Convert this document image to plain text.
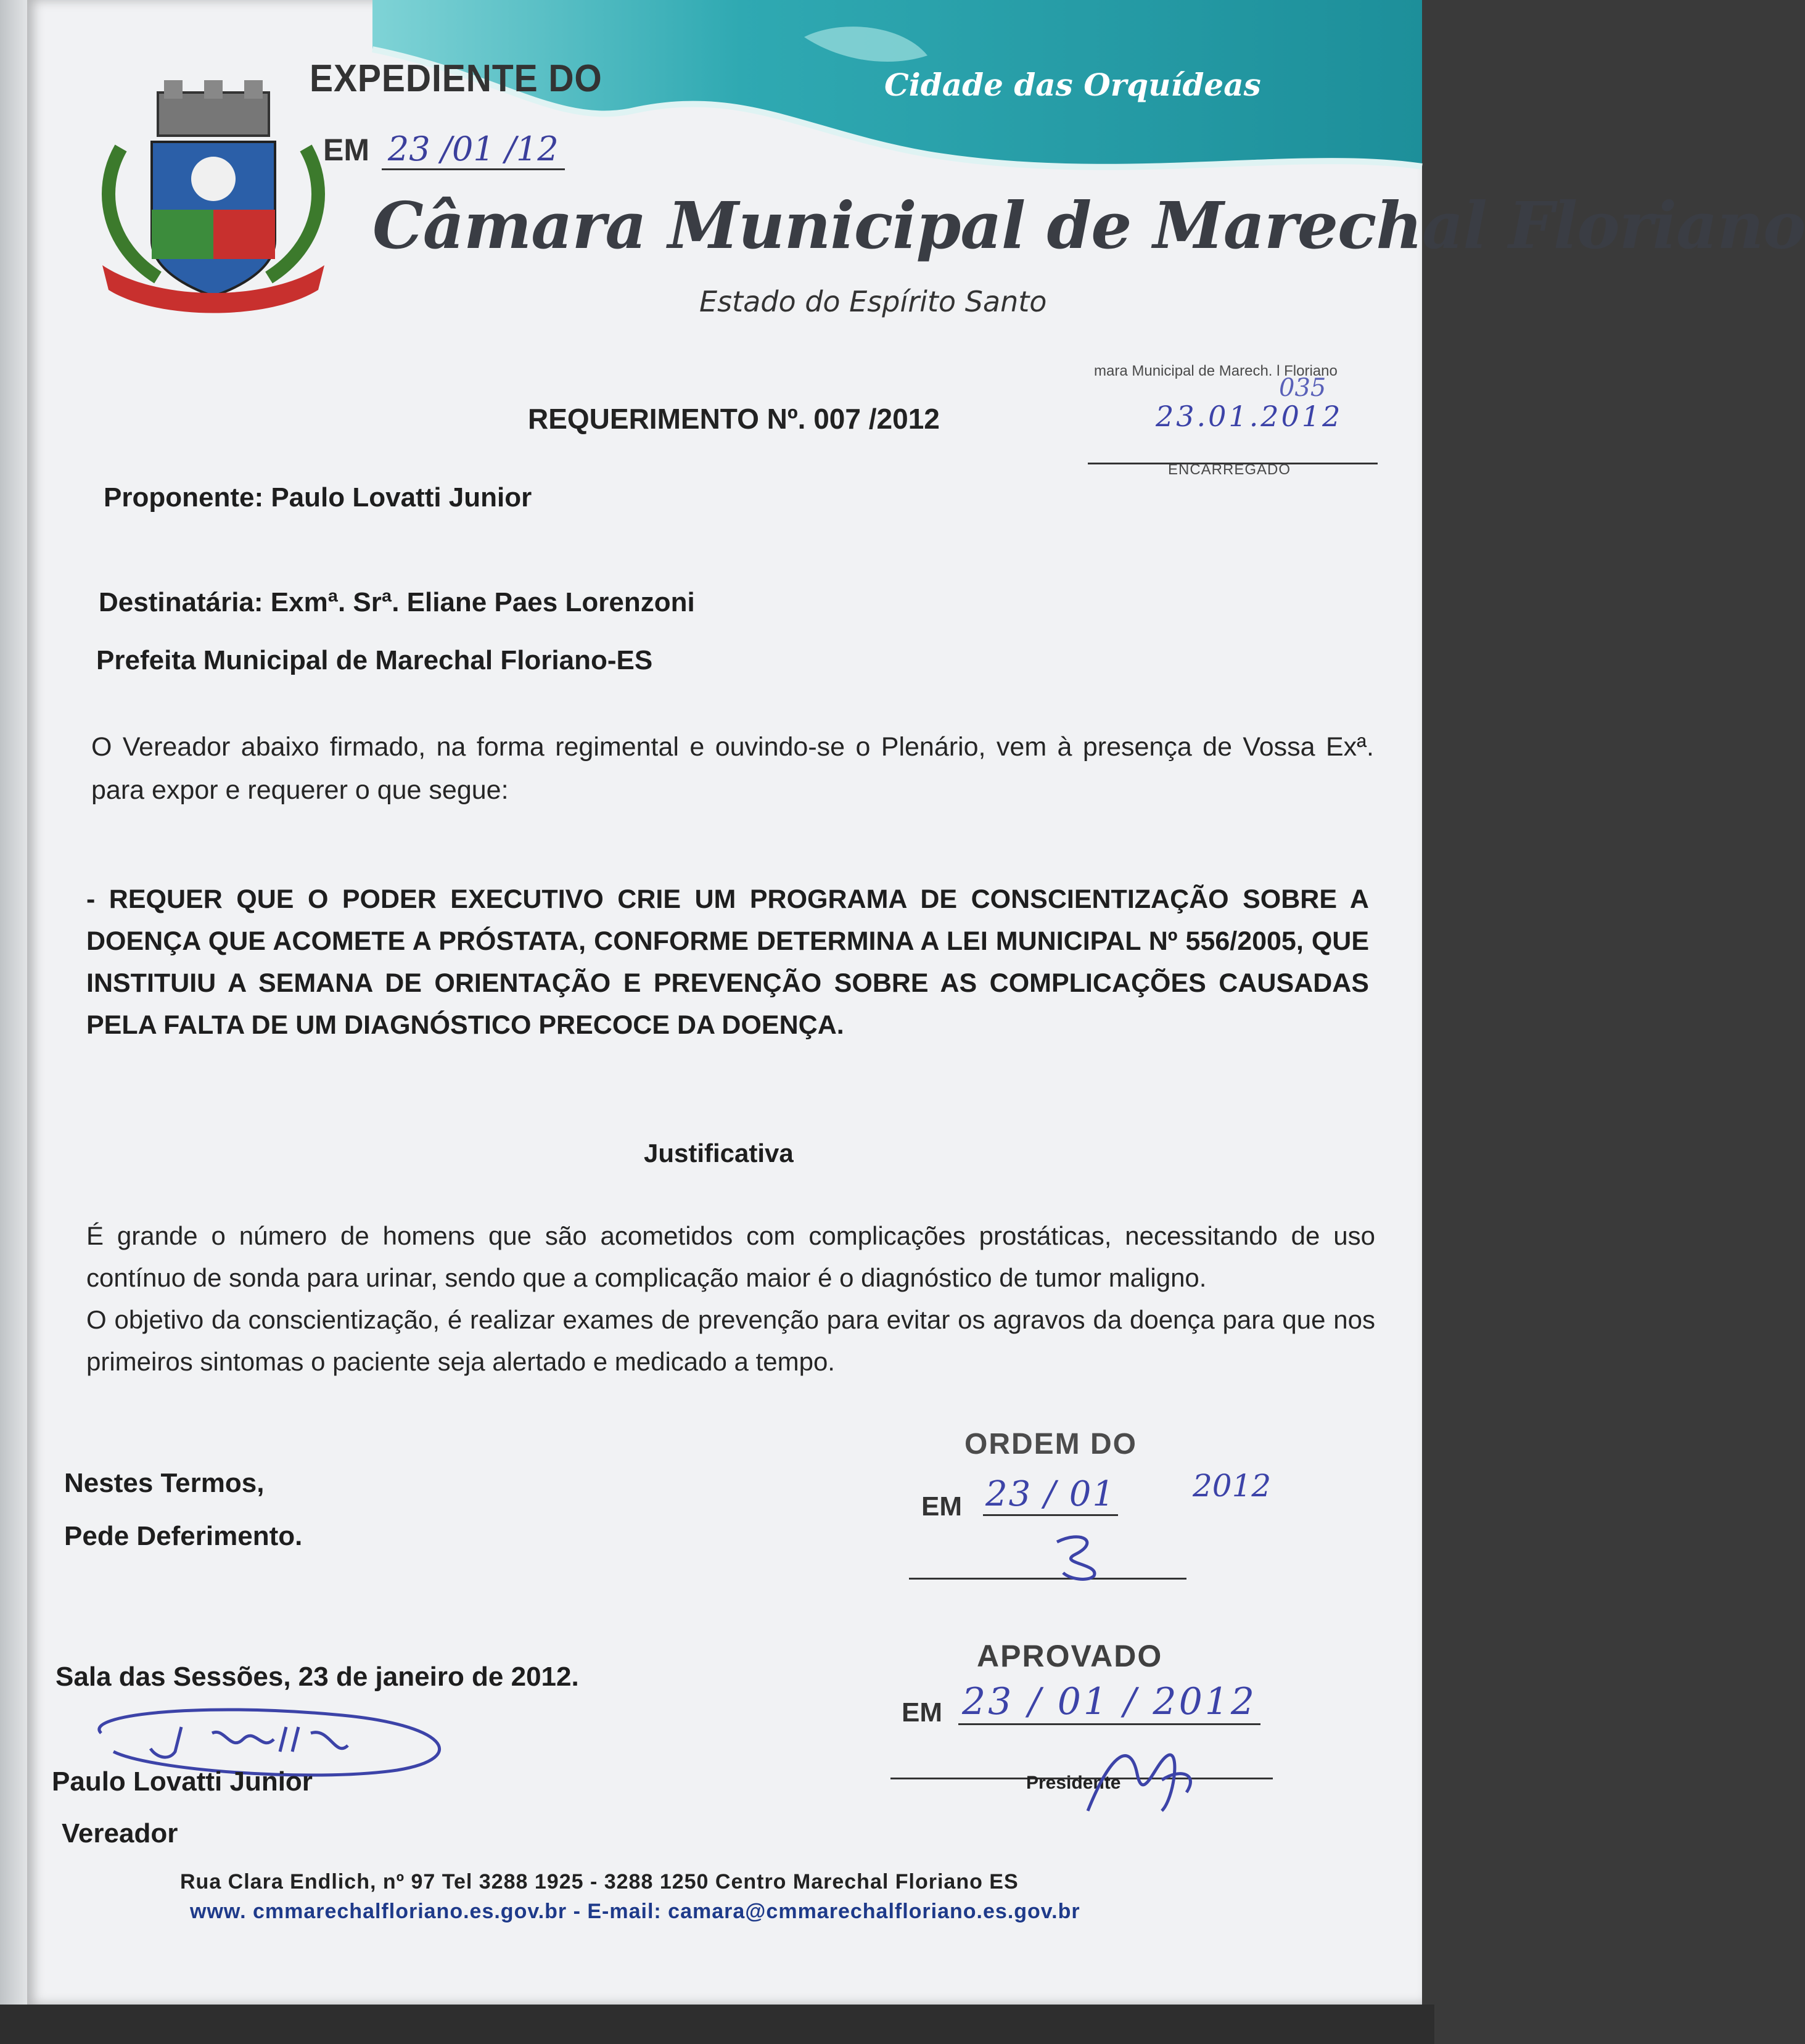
EXPEDIENTE DO
EM 23 /01 /12
Cidade das Orquídeas
Câmara Municipal de Marechal Floriano
Estado do Espírito Santo
mara Municipal de Marech. l Floriano
035
23.01.2012
ENCARREGADO
REQUERIMENTO Nº. 007 /2012
Proponente: Paulo Lovatti Junior
Destinatária: Exmª. Srª. Eliane Paes Lorenzoni
Prefeita Municipal de Marechal Floriano-ES
O Vereador abaixo firmado, na forma regimental e ouvindo-se o Plenário, vem à presença de Vossa Exª. para expor e requerer o que segue:
- REQUER QUE O PODER EXECUTIVO CRIE UM PROGRAMA DE CONSCIENTIZAÇÃO SOBRE A DOENÇA QUE ACOMETE A PRÓSTATA, CONFORME DETERMINA A LEI MUNICIPAL Nº 556/2005, QUE INSTITUIU A SEMANA DE ORIENTAÇÃO E PREVENÇÃO SOBRE AS COMPLICAÇÕES CAUSADAS PELA FALTA DE UM DIAGNÓSTICO PRECOCE DA DOENÇA.
Justificativa

É grande o número de homens que são acometidos com complicações prostáticas, necessitando de uso contínuo de sonda para urinar, sendo que a complicação maior é o diagnóstico de tumor maligno.

O objetivo da conscientização, é realizar exames de prevenção para evitar os agravos da doença para que nos primeiros sintomas o paciente seja alertado e medicado a tempo.

Nestes Termos,
Pede Deferimento.
ORDEM DO
EM 23 / 01	2012
Sala das Sessões, 23 de janeiro de 2012.
Paulo Lovatti Junior
Vereador
APROVADO
EM 23 / 01 / 2012
Presidente
Rua Clara Endlich, nº 97 Tel 3288 1925 - 3288 1250 Centro Marechal Floriano ES
www. cmmarechalfloriano.es.gov.br - E-mail: camara@cmmarechalfloriano.es.gov.br
